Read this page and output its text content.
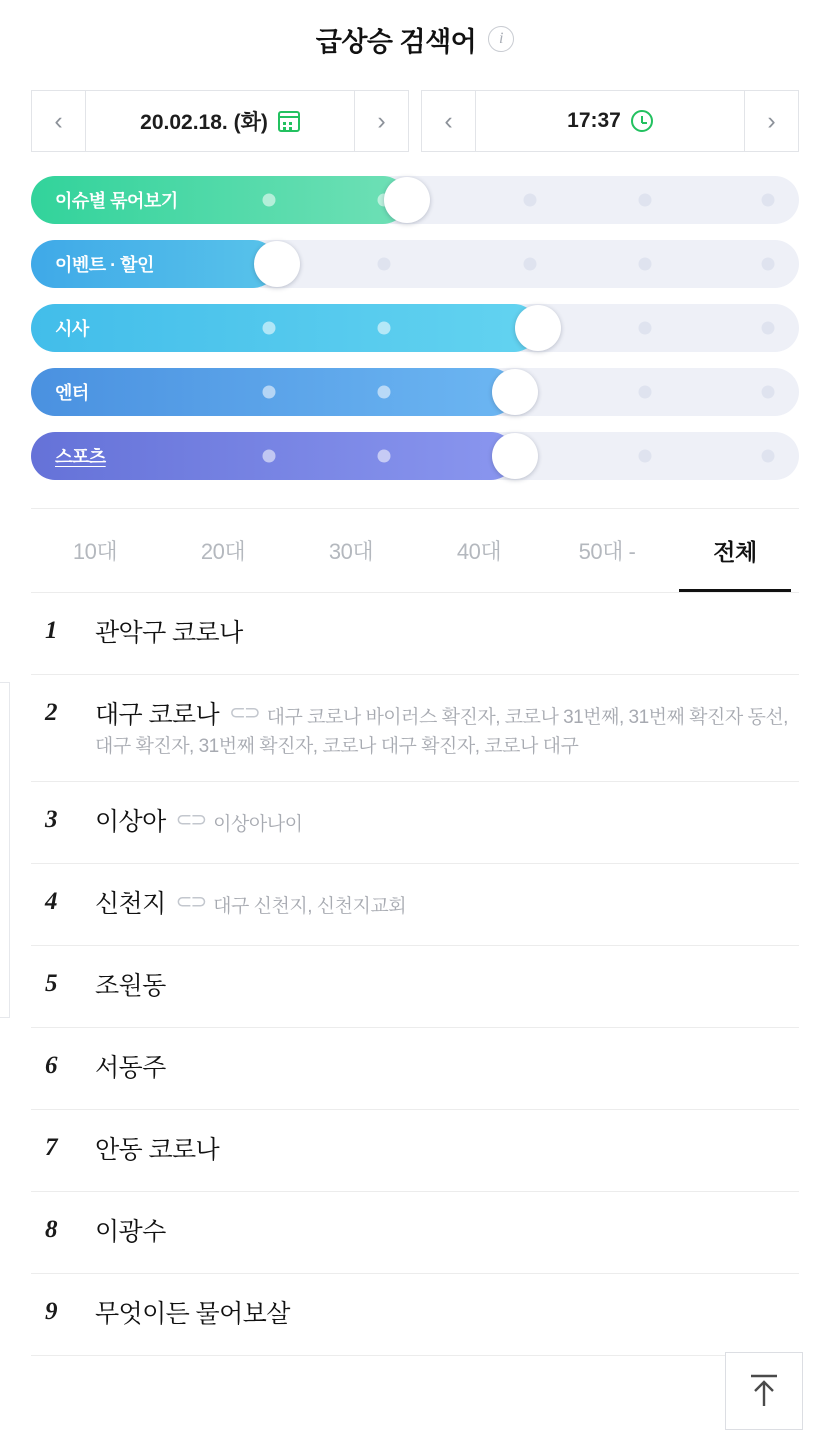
급상승 검색어	i
‹	20.02.18. (화)	›	‹	17:37	›
이슈별 묶어보기
이벤트 · 할인
시사
엔터
스포츠
10대	20대	30대	40대	50대 -	전체
1	관악구 코로나
2	대구 코로나 ⊂⊃ 대구 코로나 바이러스 확진자, 코로나 31번째, 31번째 확진자 동선, 대구 확진자, 31번째 확진자, 코로나 대구 확진자, 코로나 대구
3	이상아 ⊂⊃ 이상아나이
4	신천지 ⊂⊃ 대구 신천지, 신천지교회
5	조원동
6	서동주
7	안동 코로나
8	이광수
9	무엇이든 물어보살
